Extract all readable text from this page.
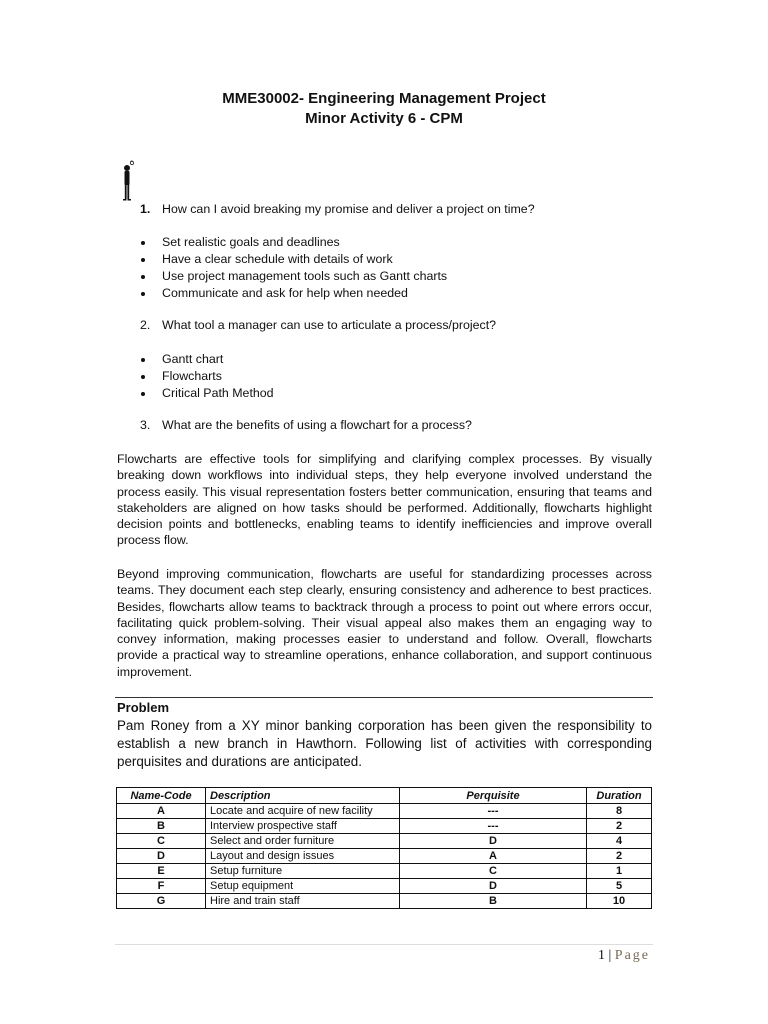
MME30002- Engineering Management Project

Minor Activity 6 - CPM

1. How can I avoid breaking my promise and deliver a project on time?

Set realistic goals and deadlines
Have a clear schedule with details of work
Use project management tools such as Gantt charts
Communicate and ask for help when needed

2. What tool a manager can use to articulate a process/project?

Gantt chart
Flowcharts
Critical Path Method

3. What are the benefits of using a flowchart for a process?

Flowcharts are effective tools for simplifying and clarifying complex processes. By visually breaking down workflows into individual steps, they help everyone involved understand the process easily. This visual representation fosters better communication, ensuring that teams and stakeholders are aligned on how tasks should be performed. Additionally, flowcharts highlight decision points and bottlenecks, enabling teams to identify inefficiencies and improve overall process flow.

Beyond improving communication, flowcharts are useful for standardizing processes across teams. They document each step clearly, ensuring consistency and adherence to best practices. Besides, flowcharts allow teams to backtrack through a process to point out where errors occur, facilitating quick problem-solving. Their visual appeal also makes them an engaging way to convey information, making processes easier to understand and follow. Overall, flowcharts provide a practical way to streamline operations, enhance collaboration, and support continuous improvement.

Problem

Pam Roney from a XY minor banking corporation has been given the responsibility to establish a new branch in Hawthorn. Following list of activities with corresponding perquisites and durations are anticipated.

Name-Code	Description	Perquisite	Duration
A	Locate and acquire of new facility	---	8
B	Interview prospective staff	---	2
C	Select and order furniture	D	4
D	Layout and design issues	A	2
E	Setup furniture	C	1
F	Setup equipment	D	5
G	Hire and train staff	B	10

1 | Page
